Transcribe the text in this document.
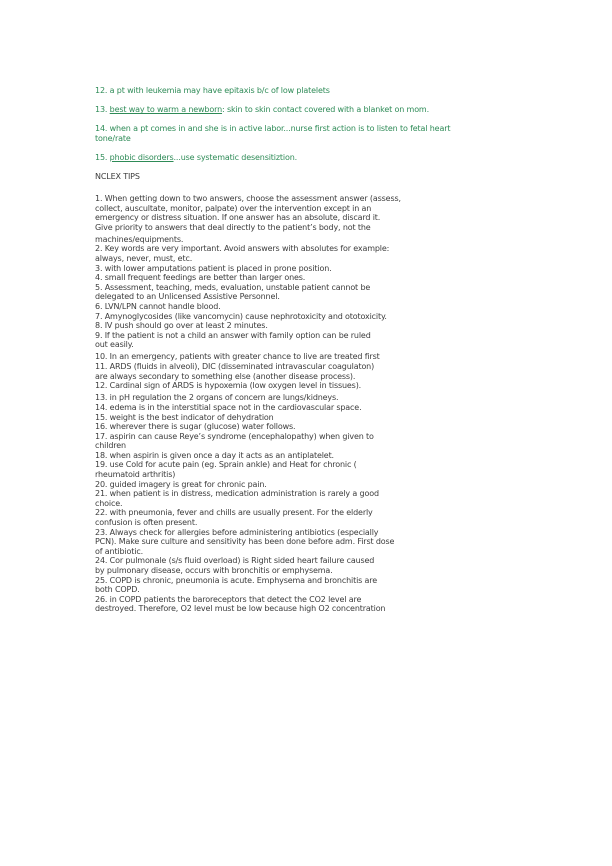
12. a pt with leukemia may have epitaxis b/c of low platelets
13. best way to warm a newborn: skin to skin contact covered with a blanket on mom.
14. when a pt comes in and she is in active labor...nurse first action is to listen to fetal heart
tone/rate
15. phobic disorders...use systematic desensitiztion.
NCLEX TIPS
1. When getting down to two answers, choose the assessment answer (assess,
collect, auscultate, monitor, palpate) over the intervention except in an
emergency or distress situation. If one answer has an absolute, discard it.
Give priority to answers that deal directly to the patient’s body, not the
machines/equipments.
2. Key words are very important. Avoid answers with absolutes for example:
always, never, must, etc.
3. with lower amputations patient is placed in prone position.
4. small frequent feedings are better than larger ones.
5. Assessment, teaching, meds, evaluation, unstable patient cannot be
delegated to an Unlicensed Assistive Personnel.
6. LVN/LPN cannot handle blood.
7. Amynoglycosides (like vancomycin) cause nephrotoxicity and ototoxicity.
8. IV push should go over at least 2 minutes.
9. If the patient is not a child an answer with family option can be ruled
out easily.
10. In an emergency, patients with greater chance to live are treated first
11. ARDS (fluids in alveoli), DIC (disseminated intravascular coagulaton)
are always secondary to something else (another disease process).
12. Cardinal sign of ARDS is hypoxemia (low oxygen level in tissues).
13. in pH regulation the 2 organs of concern are lungs/kidneys.
14. edema is in the interstitial space not in the cardiovascular space.
15. weight is the best indicator of dehydration
16. wherever there is sugar (glucose) water follows.
17. aspirin can cause Reye’s syndrome (encephalopathy) when given to
children
18. when aspirin is given once a day it acts as an antiplatelet.
19. use Cold for acute pain (eg. Sprain ankle) and Heat for chronic (
rheumatoid arthritis)
20. guided imagery is great for chronic pain.
21. when patient is in distress, medication administration is rarely a good
choice.
22. with pneumonia, fever and chills are usually present. For the elderly
confusion is often present.
23. Always check for allergies before administering antibiotics (especially
PCN). Make sure culture and sensitivity has been done before adm. First dose
of antibiotic.
24. Cor pulmonale (s/s fluid overload) is Right sided heart failure caused
by pulmonary disease, occurs with bronchitis or emphysema.
25. COPD is chronic, pneumonia is acute. Emphysema and bronchitis are
both COPD.
26. in COPD patients the baroreceptors that detect the CO2 level are
destroyed. Therefore, O2 level must be low because high O2 concentration
